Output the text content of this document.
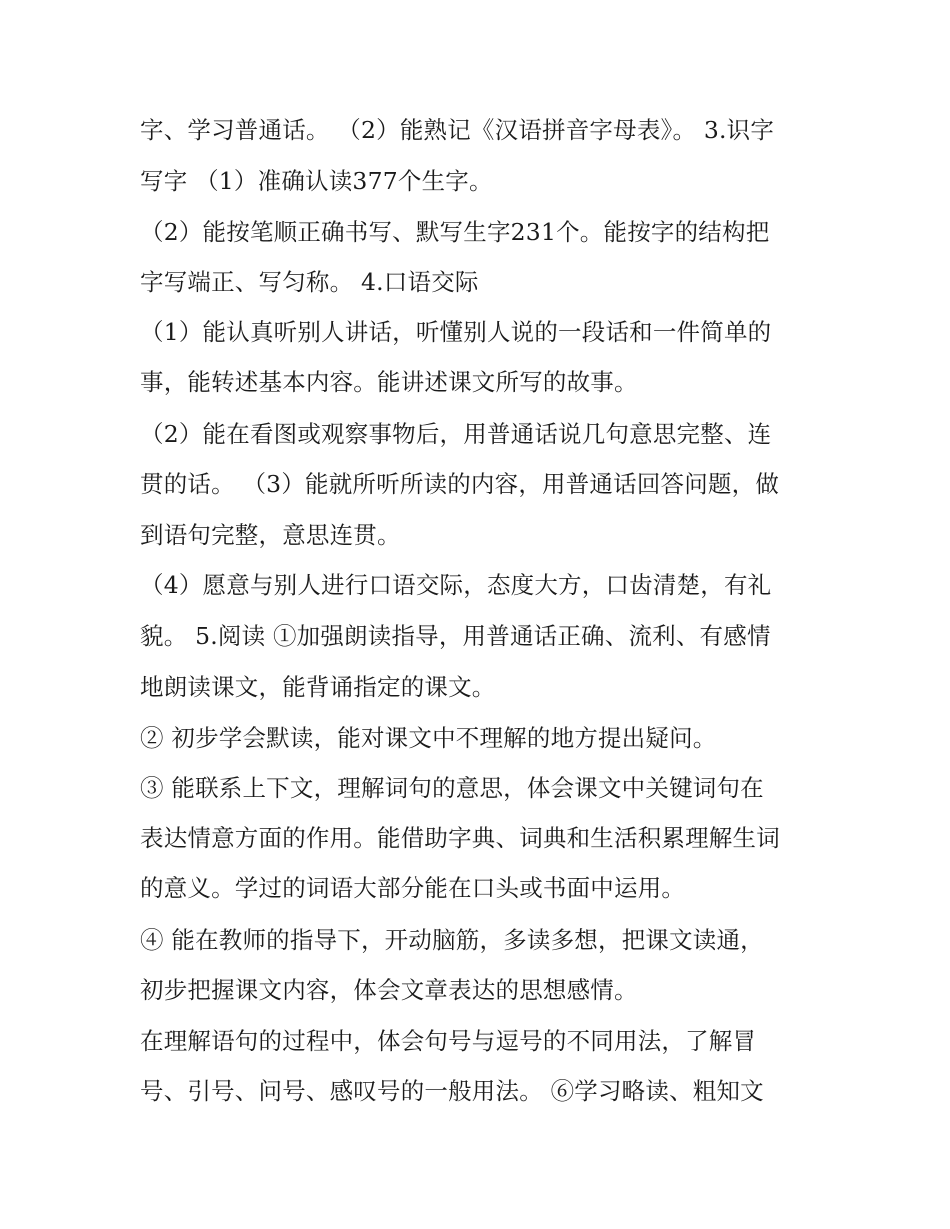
字、学习普通话。 （2）能熟记《汉语拼音字母表》。 3.识字
写字 （1）准确认读377个生字。
（2）能按笔顺正确书写、默写生字231个。能按字的结构把
字写端正、写匀称。 4.口语交际
（1）能认真听别人讲话，听懂别人说的一段话和一件简单的
事，能转述基本内容。能讲述课文所写的故事。
（2）能在看图或观察事物后，用普通话说几句意思完整、连
贯的话。 （3）能就所听所读的内容，用普通话回答问题，做
到语句完整，意思连贯。
（4）愿意与别人进行口语交际，态度大方，口齿清楚，有礼
貌。 5.阅读 ①加强朗读指导，用普通话正确、流利、有感情
地朗读课文，能背诵指定的课文。
② 初步学会默读，能对课文中不理解的地方提出疑问。
③ 能联系上下文，理解词句的意思，体会课文中关键词句在
表达情意方面的作用。能借助字典、词典和生活积累理解生词
的意义。学过的词语大部分能在口头或书面中运用。
④ 能在教师的指导下，开动脑筋，多读多想，把课文读通，
初步把握课文内容，体会文章表达的思想感情。
在理解语句的过程中，体会句号与逗号的不同用法，了解冒
号、引号、问号、感叹号的一般用法。 ⑥学习略读、粗知文
